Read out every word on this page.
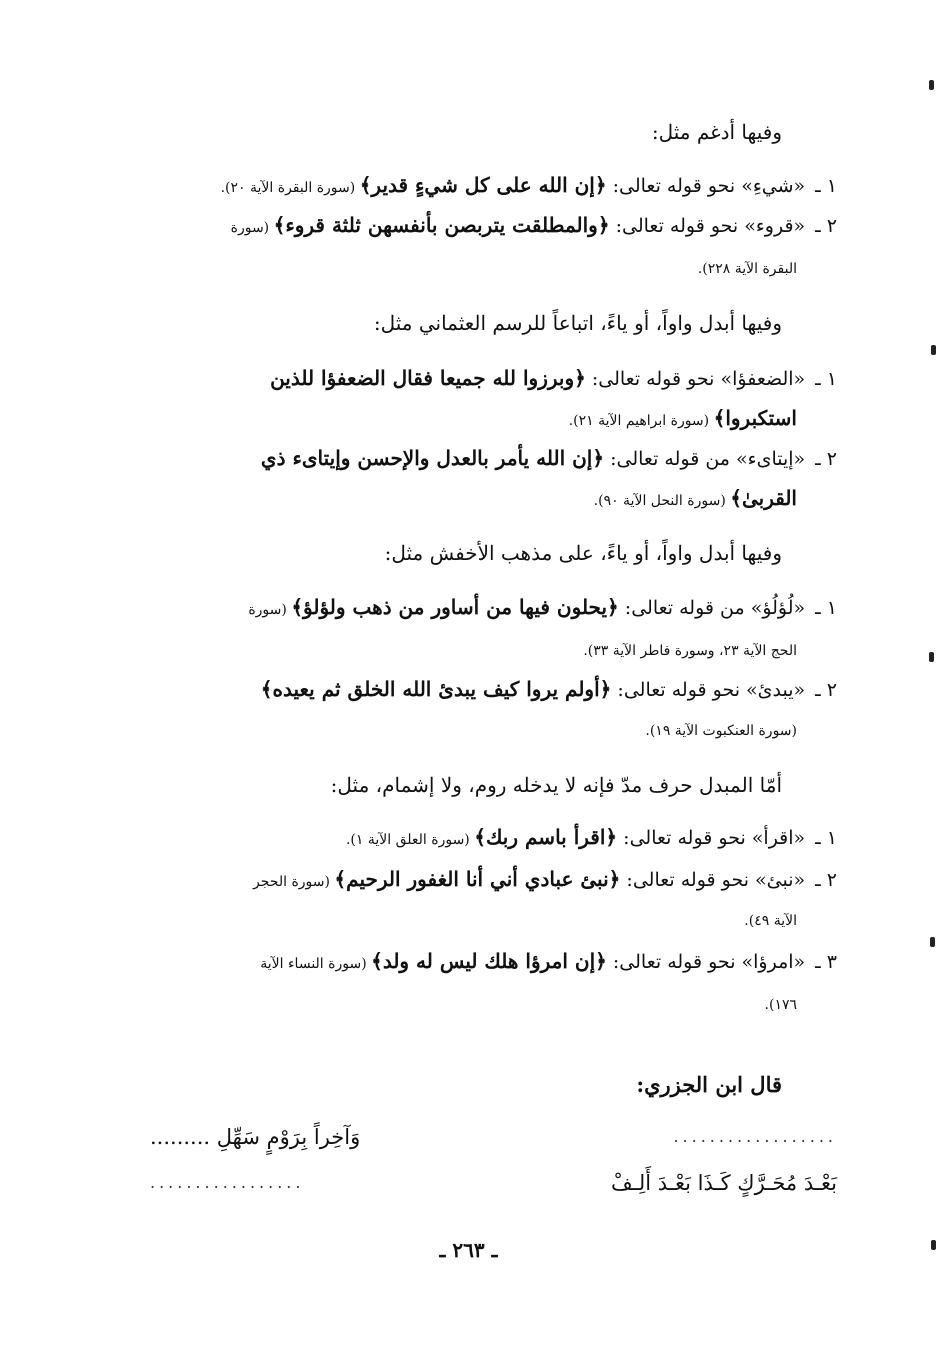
وفيها أدغم مثل:
١ ـ«شيءِ» نحو قوله تعالى: ﴿إن الله على كل شيءٍ قدير﴾ (سورة البقرة الآية ٢٠).
٢ ـ«قروء» نحو قوله تعالى: ﴿والمطلقت يتربصن بأنفسهن ثلثة قروء﴾ (سورة
البقرة الآية ٢٢٨).
وفيها أبدل واواً، أو ياءً، اتباعاً للرسم العثماني مثل:
١ ـ«الضعفؤا» نحو قوله تعالى: ﴿وبرزوا لله جميعا فقال الضعفؤا للذين
استكبروا﴾ (سورة ابراهيم الآية ٢١).
٢ ـ«إيتاىء» من قوله تعالى: ﴿إن الله يأمر بالعدل والإحسن وإيتاىء ذي
القربىٰ﴾ (سورة النحل الآية ٩٠).
وفيها أبدل واواً، أو ياءً، على مذهب الأخفش مثل:
١ ـ«لُؤلُؤ» من قوله تعالى: ﴿يحلون فيها من أساور من ذهب ولؤلؤ﴾ (سورة
الحج الآية ٢٣، وسورة فاطر الآية ٣٣).
٢ ـ«يبدئ» نحو قوله تعالى: ﴿أولم يروا كيف يبدئ الله الخلق ثم يعيده﴾
(سورة العنكبوت الآية ١٩).
أمّا المبدل حرف مدّ فإنه لا يدخله روم، ولا إشمام، مثل:
١ ـ«اقرأ» نحو قوله تعالى: ﴿اقرأ باسم ربك﴾ (سورة العلق الآية ١).
٢ ـ«نبئ» نحو قوله تعالى: ﴿نبئ عبادي أني أنا الغفور الرحيم﴾ (سورة الحجر
الآية ٤٩).
٣ ـ«امرؤا» نحو قوله تعالى: ﴿إن امرؤا هلك ليس له ولد﴾ (سورة النساء الآية
١٧٦).
قال ابن الجزري:
..................
وَآخِراً بِرَوْمٍ سَهِّلِ .........
بَعْـدَ مُحَـرَّكٍ كَـذَا بَعْـدَ أَلِـفْ
.................
ـ ٢٦٣ ـ
